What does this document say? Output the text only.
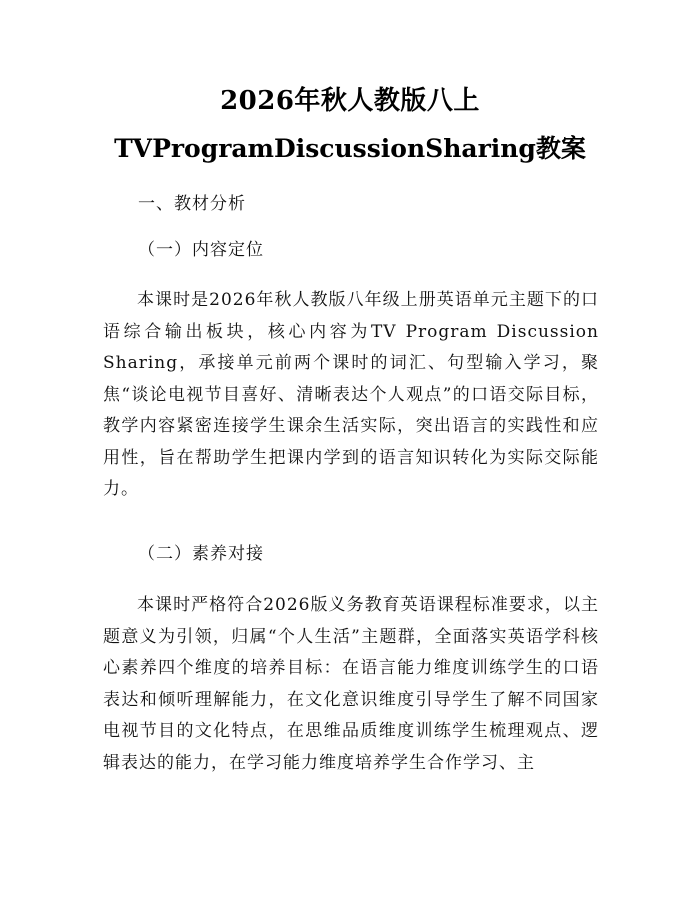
2026年秋人教版八上
TVProgramDiscussionSharing教案
一、教材分析
（一）内容定位
本课时是2026年秋人教版八年级上册英语单元主题下的口语综合输出板块，核心内容为TV Program Discussion Sharing，承接单元前两个课时的词汇、句型输入学习，聚焦“谈论电视节目喜好、清晰表达个人观点”的口语交际目标，教学内容紧密连接学生课余生活实际，突出语言的实践性和应用性，旨在帮助学生把课内学到的语言知识转化为实际交际能力。
（二）素养对接
本课时严格符合2026版义务教育英语课程标准要求，以主题意义为引领，归属“个人生活”主题群，全面落实英语学科核心素养四个维度的培养目标：在语言能力维度训练学生的口语表达和倾听理解能力，在文化意识维度引导学生了解不同国家电视节目的文化特点，在思维品质维度训练学生梳理观点、逻辑表达的能力，在学习能力维度培养学生合作学习、主
